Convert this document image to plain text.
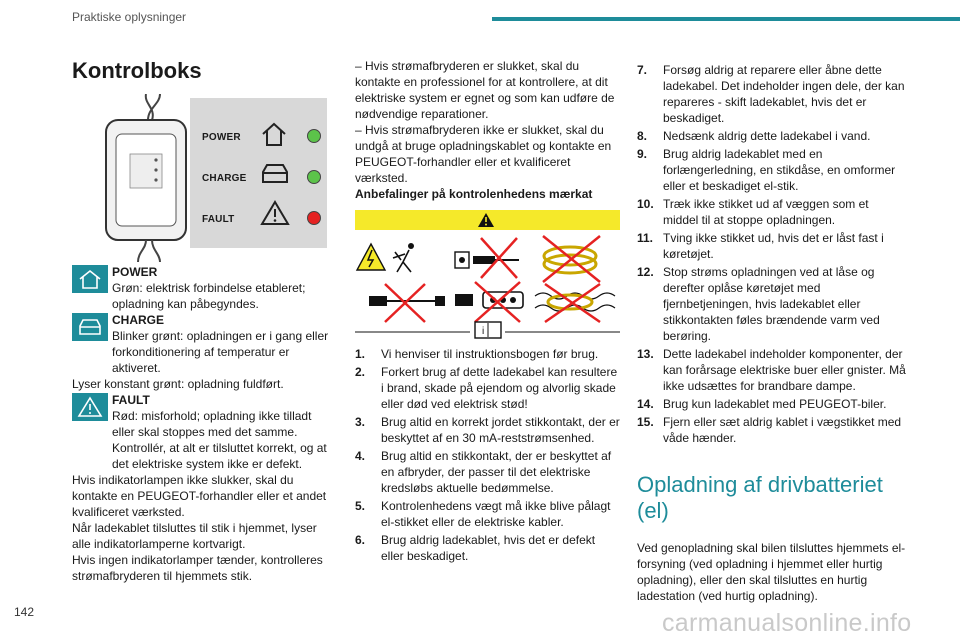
Praktiske oplysninger
Kontrolboks
POWER
CHARGE
FAULT
POWER
Grøn: elektrisk forbindelse etableret; opladning kan påbegyndes.
CHARGE
Blinker grønt: opladningen er i gang eller forkonditionering af temperatur er aktiveret.

Lyser konstant grønt: opladning fuldført.

FAULT
Rød: misforhold; opladning ikke tilladt eller skal stoppes med det samme. Kontrollér, at alt er tilsluttet korrekt, og at det elektriske system ikke er defekt.

Hvis indikatorlampen ikke slukker, skal du kontakte en PEUGEOT-forhandler eller et andet kvalificeret værksted.

Når ladekablet tilsluttes til stik i hjemmet, lyser alle indikatorlamperne kortvarigt.

Hvis ingen indikatorlamper tænder, kontrolleres strømafbryderen til hjemmets stik.

– Hvis strømafbryderen er slukket, skal du kontakte en professionel for at kontrollere, at dit elektriske system er egnet og som kan udføre de nødvendige reparationer.

– Hvis strømafbryderen ikke er slukket, skal du undgå at bruge opladningskablet og kontakte en PEUGEOT-forhandler eller et kvalificeret værksted.

Anbefalinger på kontrolenhedens mærkat
i
1. Vi henviser til instruktionsbogen før brug.
2. Forkert brug af dette ladekabel kan resultere i brand, skade på ejendom og alvorlig skade eller død ved elektrisk stød!
3. Brug altid en korrekt jordet stikkontakt, der er beskyttet af en 30 mA-reststrømsenhed.
4. Brug altid en stikkontakt, der er beskyttet af en afbryder, der passer til det elektriske kredsløbs aktuelle bedømmelse.
5. Kontrolenhedens vægt må ikke blive pålagt el-stikket eller de elektriske kabler.
6. Brug aldrig ladekablet, hvis det er defekt eller beskadiget.
7. Forsøg aldrig at reparere eller åbne dette ladekabel. Det indeholder ingen dele, der kan repareres - skift ladekablet, hvis det er beskadiget.
8. Nedsænk aldrig dette ladekabel i vand.
9. Brug aldrig ladekablet med en forlængerledning, en stikdåse, en omformer eller et beskadiget el-stik.
10. Træk ikke stikket ud af væggen som et middel til at stoppe opladningen.
11. Tving ikke stikket ud, hvis det er låst fast i køretøjet.
12. Stop strøms opladningen ved at låse og derefter oplåse køretøjet med fjernbetjeningen, hvis ladekablet eller stikkontakten føles brændende varm ved berøring.
13. Dette ladekabel indeholder komponenter, der kan forårsage elektriske buer eller gnister. Må ikke udsættes for brandbare dampe.
14. Brug kun ladekablet med PEUGEOT-biler.
15. Fjern eller sæt aldrig kablet i vægstikket med våde hænder.
Opladning af drivbatteriet (el)

Ved genopladning skal bilen tilsluttes hjemmets el-forsyning (ved opladning i hjemmet eller hurtig opladning), eller den skal tilsluttes en hurtig ladestation (ved hurtig opladning).

142	carmanualsonline.info
